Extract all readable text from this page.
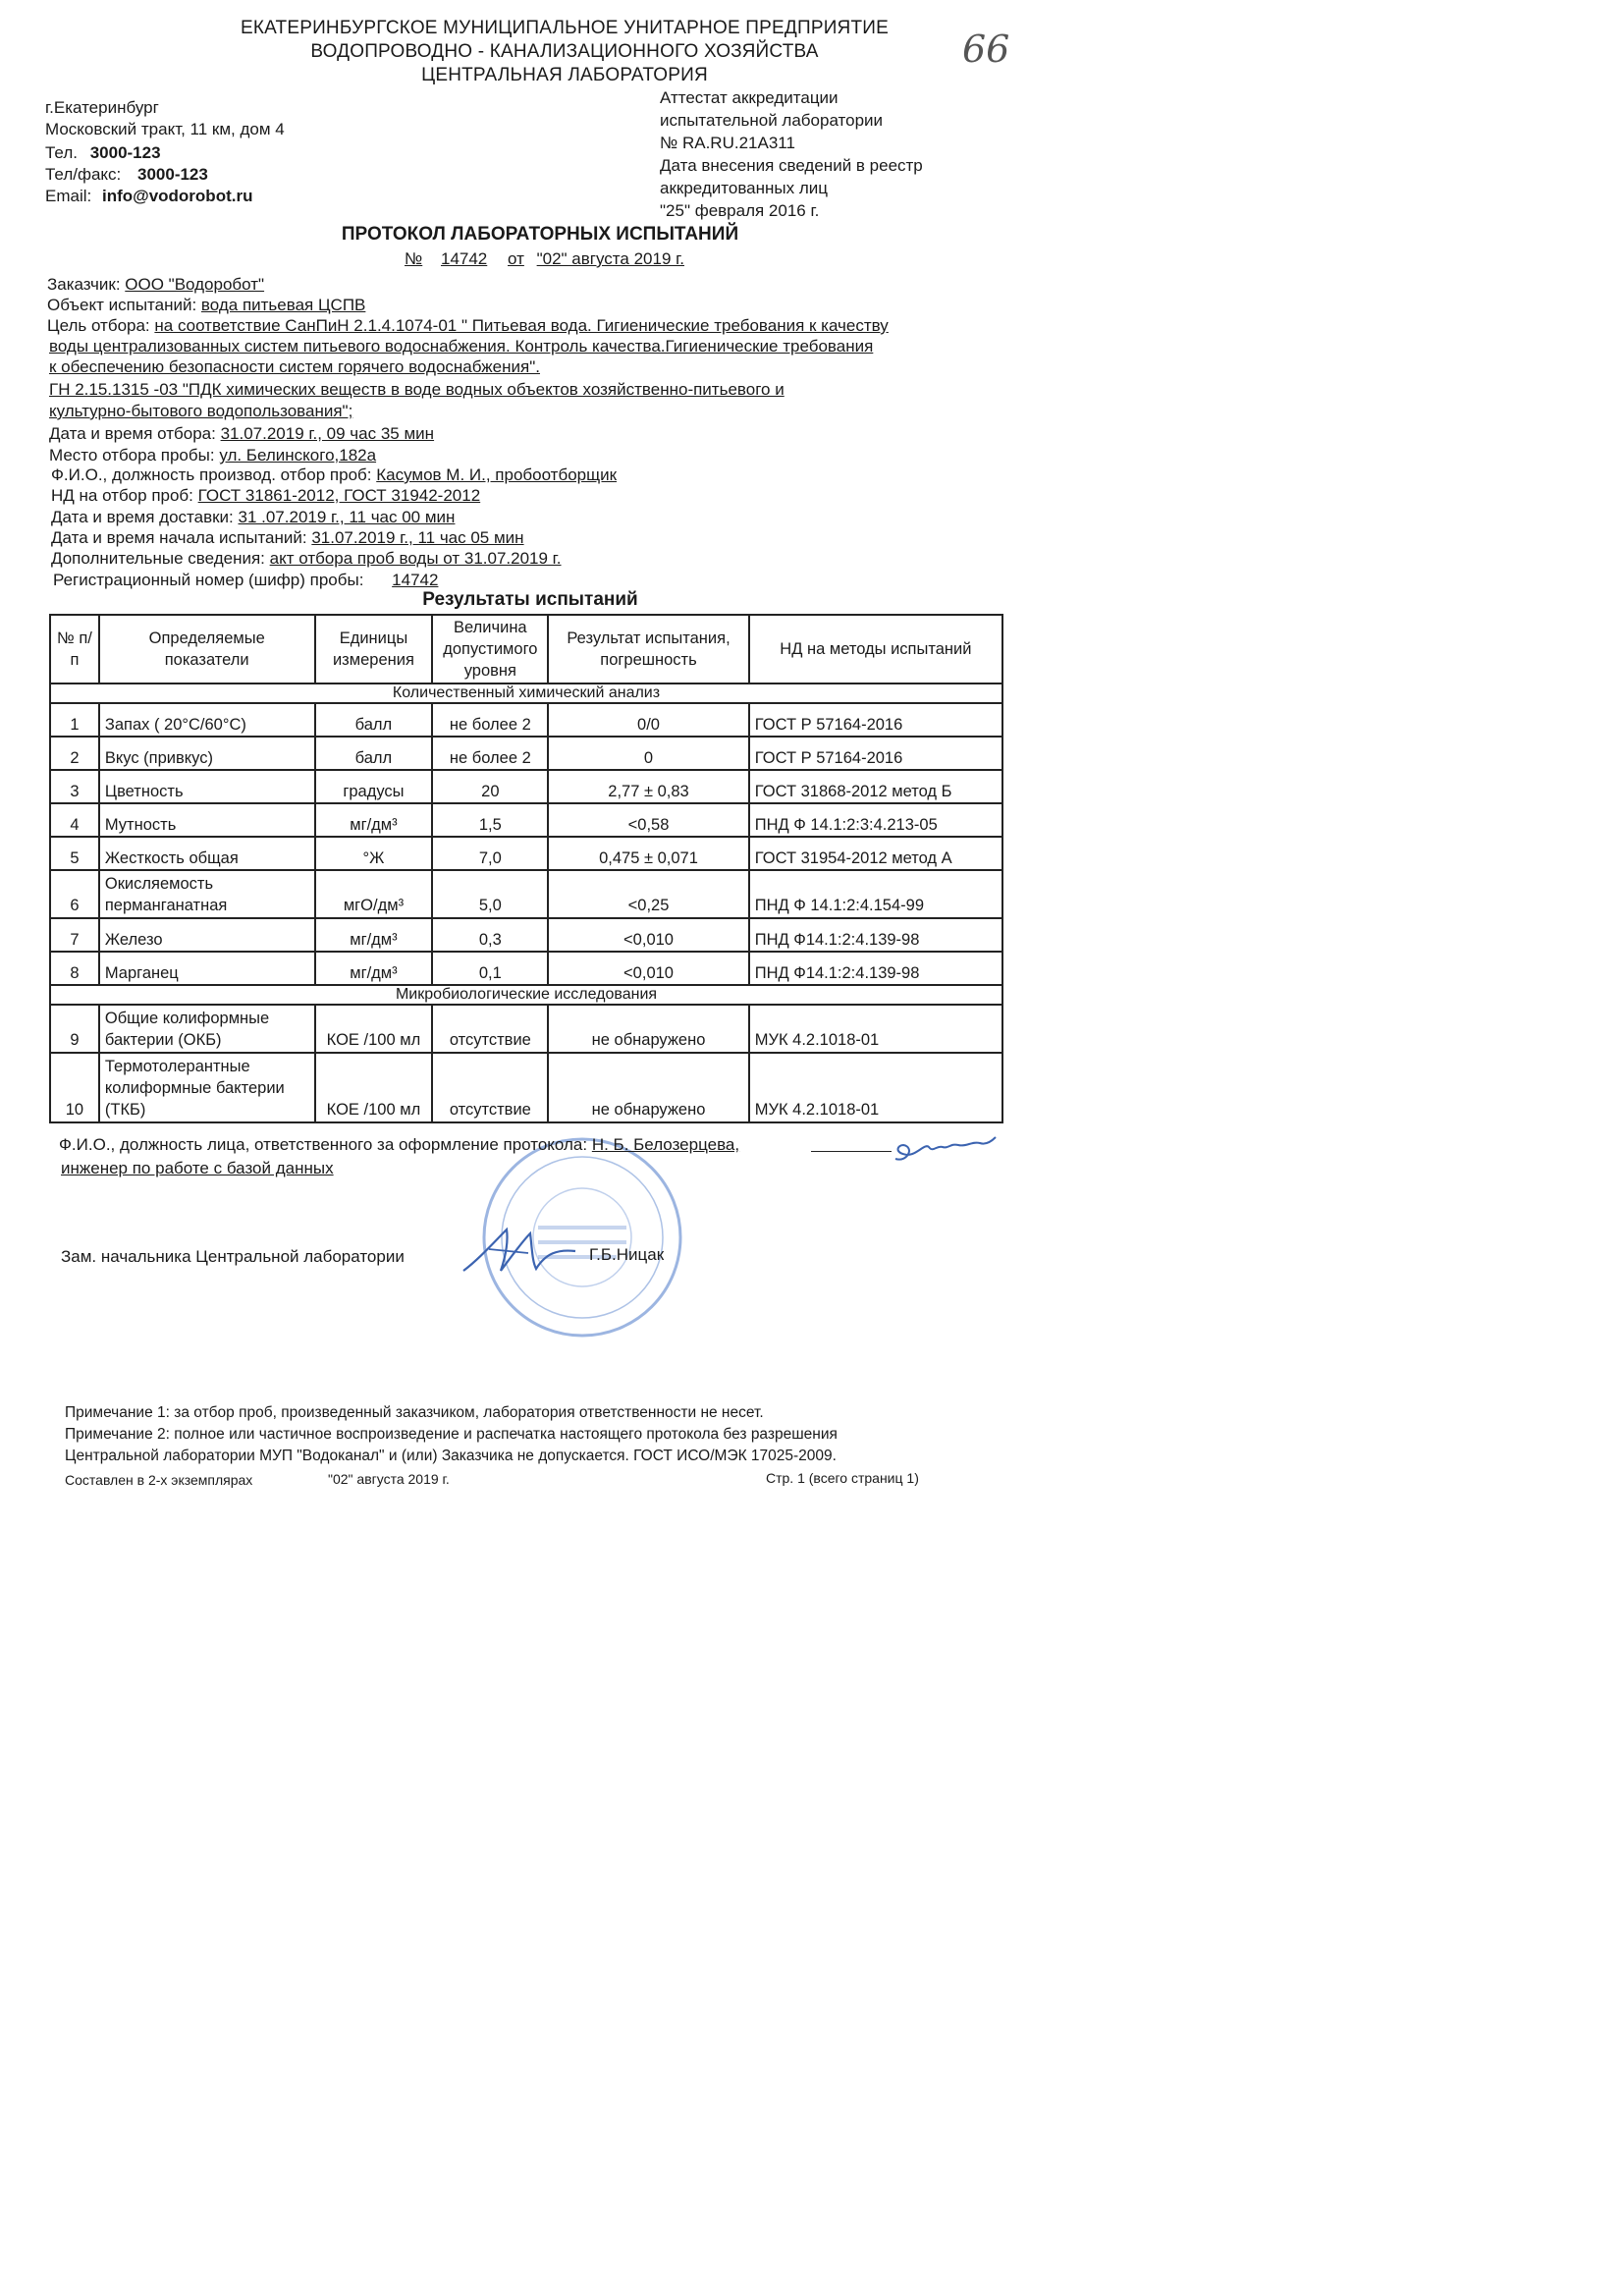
ЕКАТЕРИНБУРГСКОЕ МУНИЦИПАЛЬНОЕ УНИТАРНОЕ ПРЕДПРИЯТИЕ
ВОДОПРОВОДНО - КАНАЛИЗАЦИОННОГО ХОЗЯЙСТВА
ЦЕНТРАЛЬНАЯ ЛАБОРАТОРИЯ
66
г.Екатеринбург
Московский тракт, 11 км, дом 4
Тел. 3000-123
Тел/факс: 3000-123
Email: info@vodorobot.ru
Аттестат аккредитации
испытательной лаборатории
№ RA.RU.21A311
Дата внесения сведений в реестр
аккредитованных лиц
"25" февраля 2016 г.
ПРОТОКОЛ ЛАБОРАТОРНЫХ ИСПЫТАНИЙ
№ 14742 от "02" августа 2019 г.
Заказчик: ООО "Водоробот"
Объект испытаний: вода питьевая ЦСПВ
Цель отбора: на соответствие СанПиН 2.1.4.1074-01 " Питьевая вода. Гигиенические требования к качеству
воды централизованных систем питьевого водоснабжения. Контроль качества.Гигиенические требования
к обеспечению безопасности систем горячего водоснабжения".
ГН 2.15.1315 -03 "ПДК химических веществ в воде водных объектов хозяйственно-питьевого и
культурно-бытового водопользования";
Дата и время отбора: 31.07.2019 г., 09 час 35 мин
Место отбора пробы: ул. Белинского,182а
Ф.И.О., должность производ. отбор проб: Касумов М. И., пробоотборщик
НД на отбор проб: ГОСТ 31861-2012, ГОСТ 31942-2012
Дата и время доставки: 31 .07.2019 г., 11 час 00 мин
Дата и время начала испытаний: 31.07.2019 г., 11 час 05 мин
Дополнительные сведения: акт отбора проб воды от 31.07.2019 г.
Регистрационный номер (шифр) пробы: 14742
Результаты испытаний
№ п/п	Определяемые показатели	Единицы измерения	Величина допустимого уровня	Результат испытания, погрешность	НД на методы испытаний
Количественный химический анализ					
1	Запах ( 20°С/60°С)	балл	не более 2	0/0	ГОСТ Р 57164-2016
2	Вкус (привкус)	балл	не более 2	0	ГОСТ Р 57164-2016
3	Цветность	градусы	20	2,77 ± 0,83	ГОСТ 31868-2012 метод Б
4	Мутность	мг/дм³	1,5	<0,58	ПНД Ф 14.1:2:3:4.213-05
5	Жесткость общая	°Ж	7,0	0,475 ± 0,071	ГОСТ 31954-2012 метод А
6	Окисляемость
перманганатная	мгО/дм³	5,0	<0,25	ПНД Ф 14.1:2:4.154-99
7	Железо	мг/дм³	0,3	<0,010	ПНД Ф14.1:2:4.139-98
8	Марганец	мг/дм³	0,1	<0,010	ПНД Ф14.1:2:4.139-98
Микробиологические исследования					
9	Общие колиформные
бактерии (ОКБ)	КОЕ /100 мл	отсутствие	не обнаружено	МУК 4.2.1018-01
10	Термотолерантные
колиформные бактерии
(ТКБ)	КОЕ /100 мл	отсутствие	не обнаружено	МУК 4.2.1018-01
Ф.И.О., должность лица, ответственного за оформление протокола: Н. Б. Белозерцева,
инженер по работе с базой данных
Зам. начальника Центральной лаборатории	Г.Б.Ницак
Примечание 1: за отбор проб, произведенный заказчиком, лаборатория ответственности не несет.
Примечание 2: полное или частичное воспроизведение и распечатка настоящего протокола без разрешения
Центральной лаборатории МУП "Водоканал" и (или) Заказчика не допускается. ГОСТ ИСО/МЭК 17025-2009.
Составлен в 2-х экземплярах	"02" августа 2019 г.	Стр. 1 (всего страниц 1)
